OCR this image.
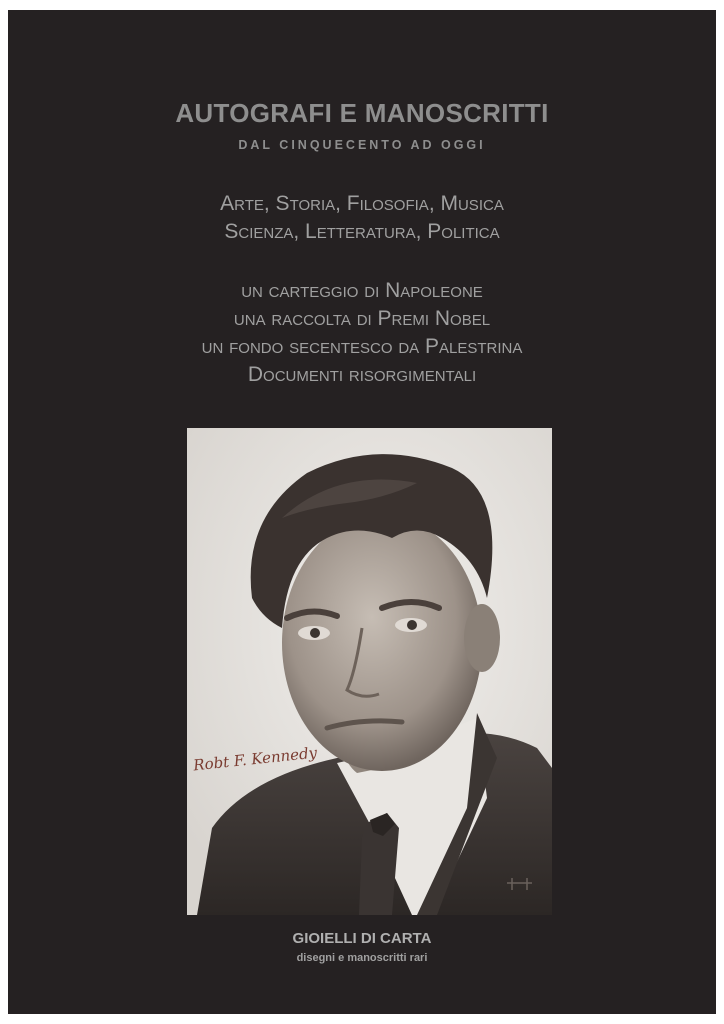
AUTOGRAFI E MANOSCRITTI
DAL CINQUECENTO AD OGGI
Arte, Storia, Filosofia, Musica
Scienza, Letteratura, Politica
un carteggio di Napoleone
una raccolta di Premi Nobel
un fondo secentesco da Palestrina
Documenti risorgimentali
Robt F. Kennedy
GIOIELLI DI CARTA
disegni e manoscritti rari
